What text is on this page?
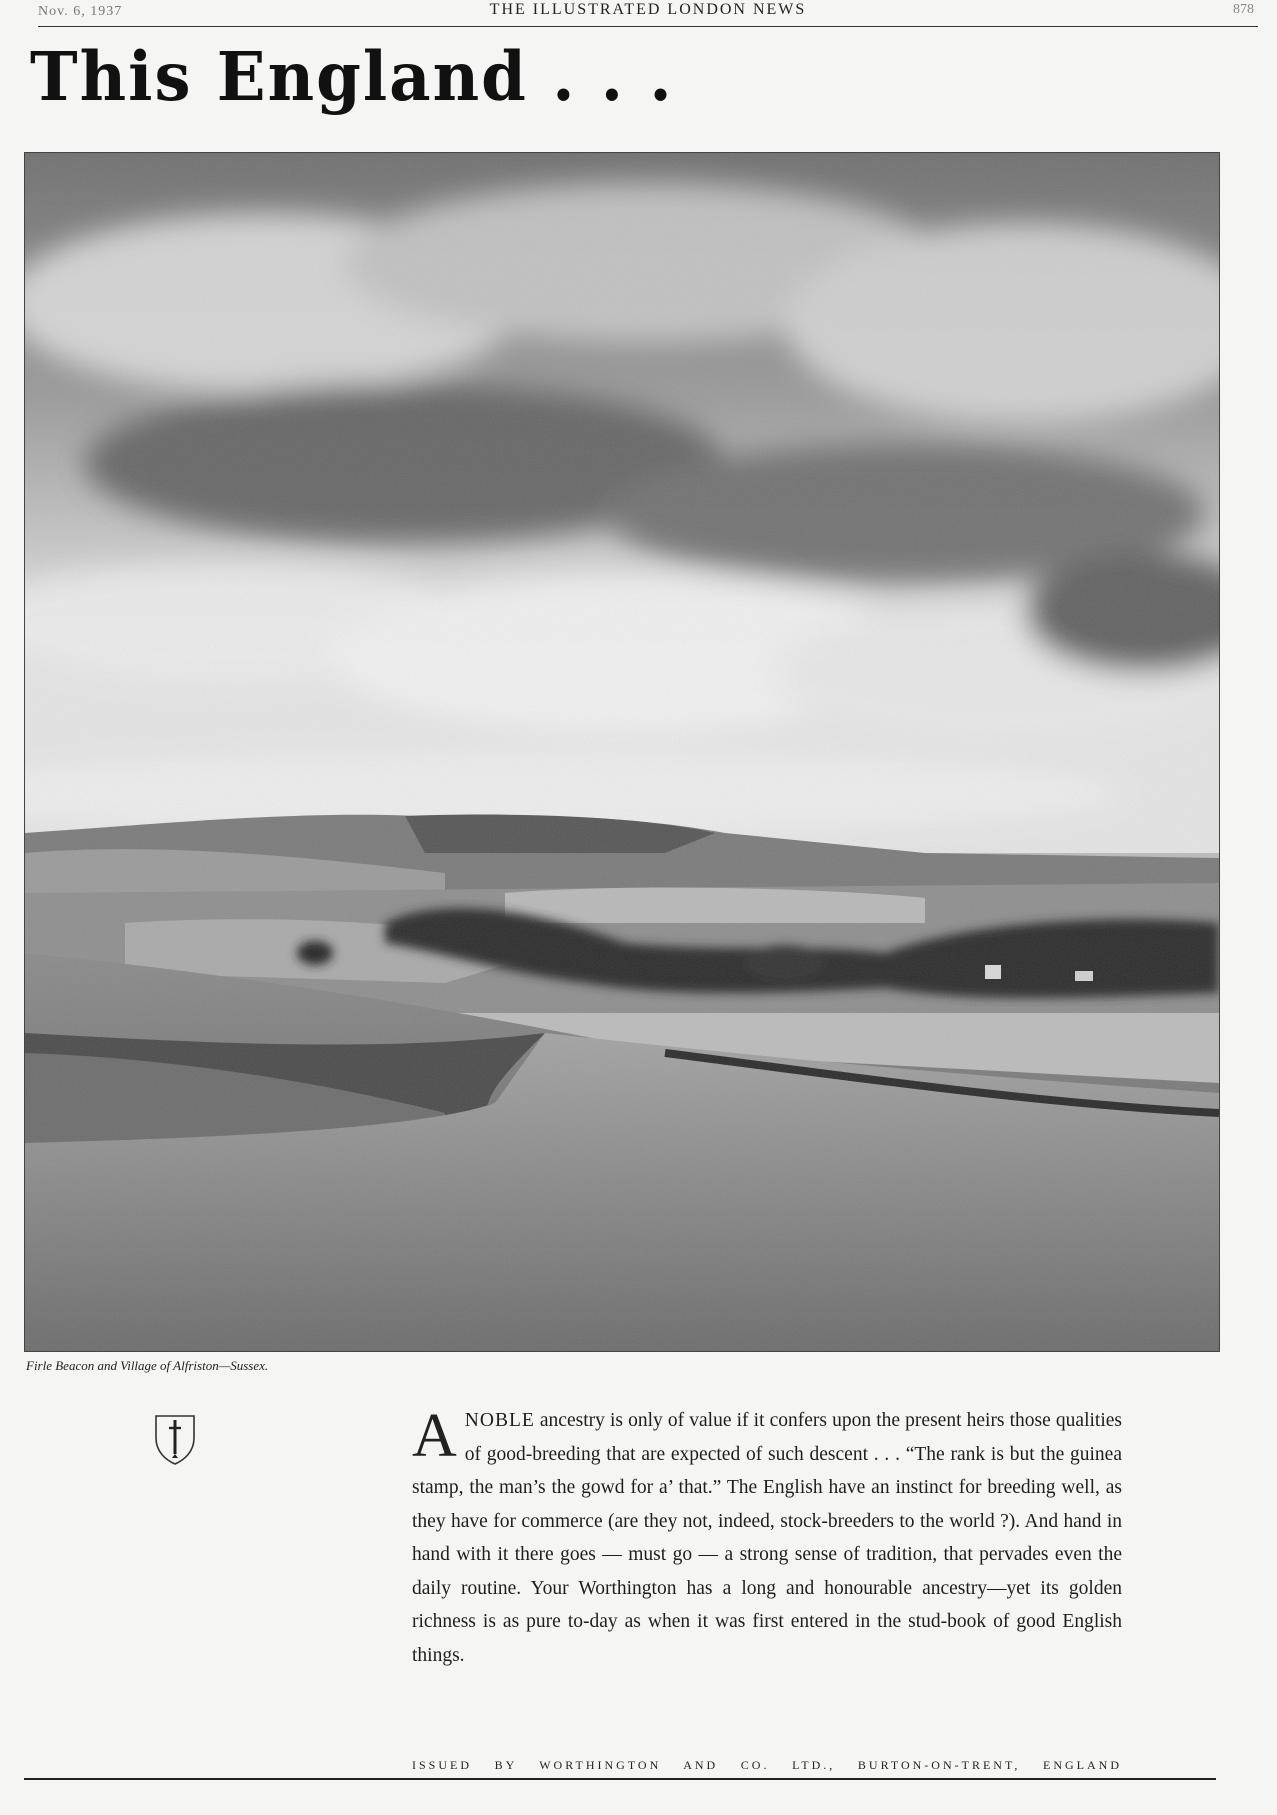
Nov. 6, 1937	THE ILLUSTRATED LONDON NEWS	878
This England . . .
Firle Beacon and Village of Alfriston—Sussex.
ANOBLE ancestry is only of value if it confers upon the present heirs those qualities of good-breeding that are expected of such descent . . . “The rank is but the guinea stamp, the man’s the gowd for a’ that.” The English have an instinct for breeding well, as they have for commerce (are they not, indeed, stock-breeders to the world ?). And hand in hand with it there goes — must go — a strong sense of tradition, that pervades even the daily routine. Your Worthington has a long and honourable ancestry—yet its golden richness is as pure to-day as when it was first entered in the stud-book of good English things.
ISSUED BY WORTHINGTON AND CO. LTD., BURTON-ON-TRENT, ENGLAND
